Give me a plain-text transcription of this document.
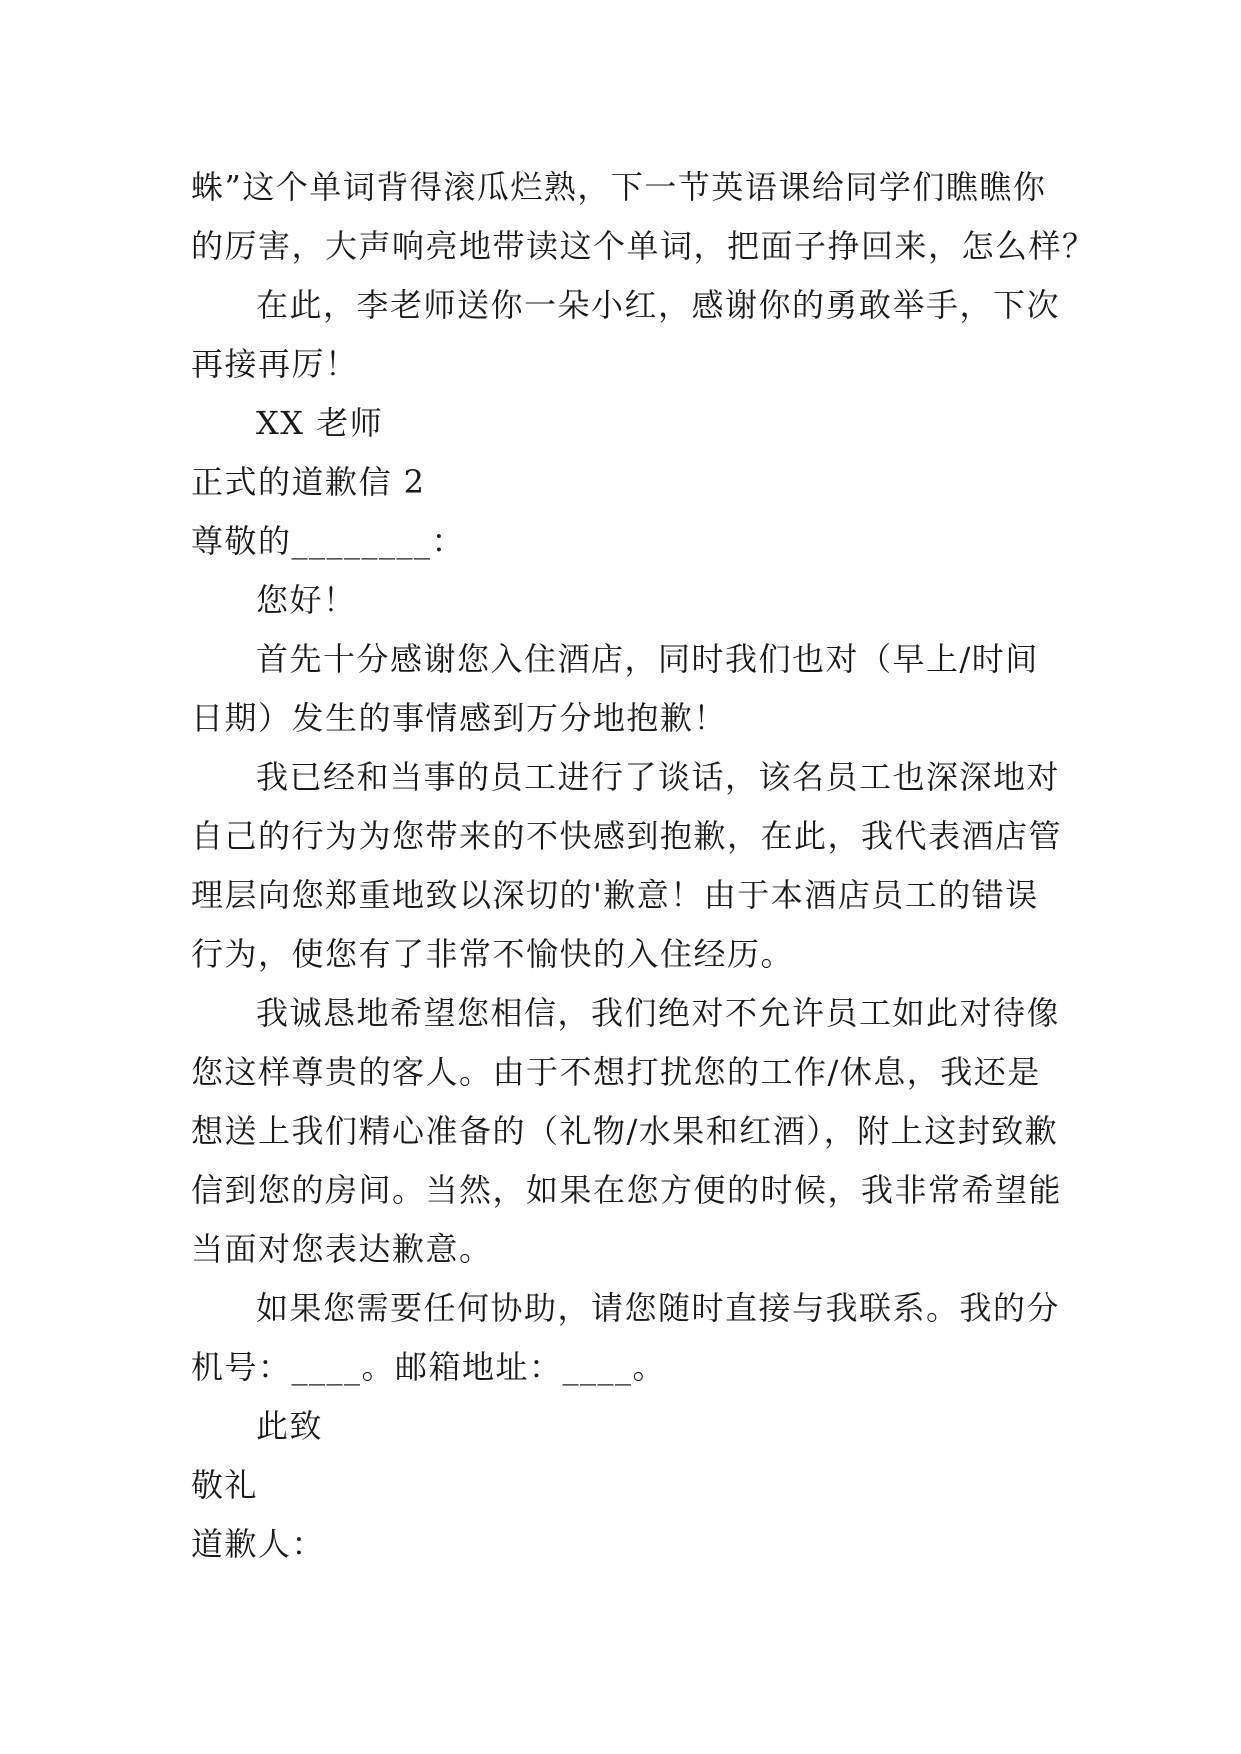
蛛”这个单词背得滚瓜烂熟，下一节英语课给同学们瞧瞧你
的厉害，大声响亮地带读这个单词，把面子挣回来，怎么样？
在此，李老师送你一朵小红，感谢你的勇敢举手，下次
再接再厉！
XX 老师
正式的道歉信 2
尊敬的________：
您好！
首先十分感谢您入住酒店，同时我们也对（早上/时间
日期）发生的事情感到万分地抱歉！
我已经和当事的员工进行了谈话，该名员工也深深地对
自己的行为为您带来的不快感到抱歉，在此，我代表酒店管
理层向您郑重地致以深切的'歉意！由于本酒店员工的错误
行为，使您有了非常不愉快的入住经历。
我诚恳地希望您相信，我们绝对不允许员工如此对待像
您这样尊贵的客人。由于不想打扰您的工作/休息，我还是
想送上我们精心准备的（礼物/水果和红酒），附上这封致歉
信到您的房间。当然，如果在您方便的时候，我非常希望能
当面对您表达歉意。
如果您需要任何协助，请您随时直接与我联系。我的分
机号：____。邮箱地址：____。
此致
敬礼
道歉人：
